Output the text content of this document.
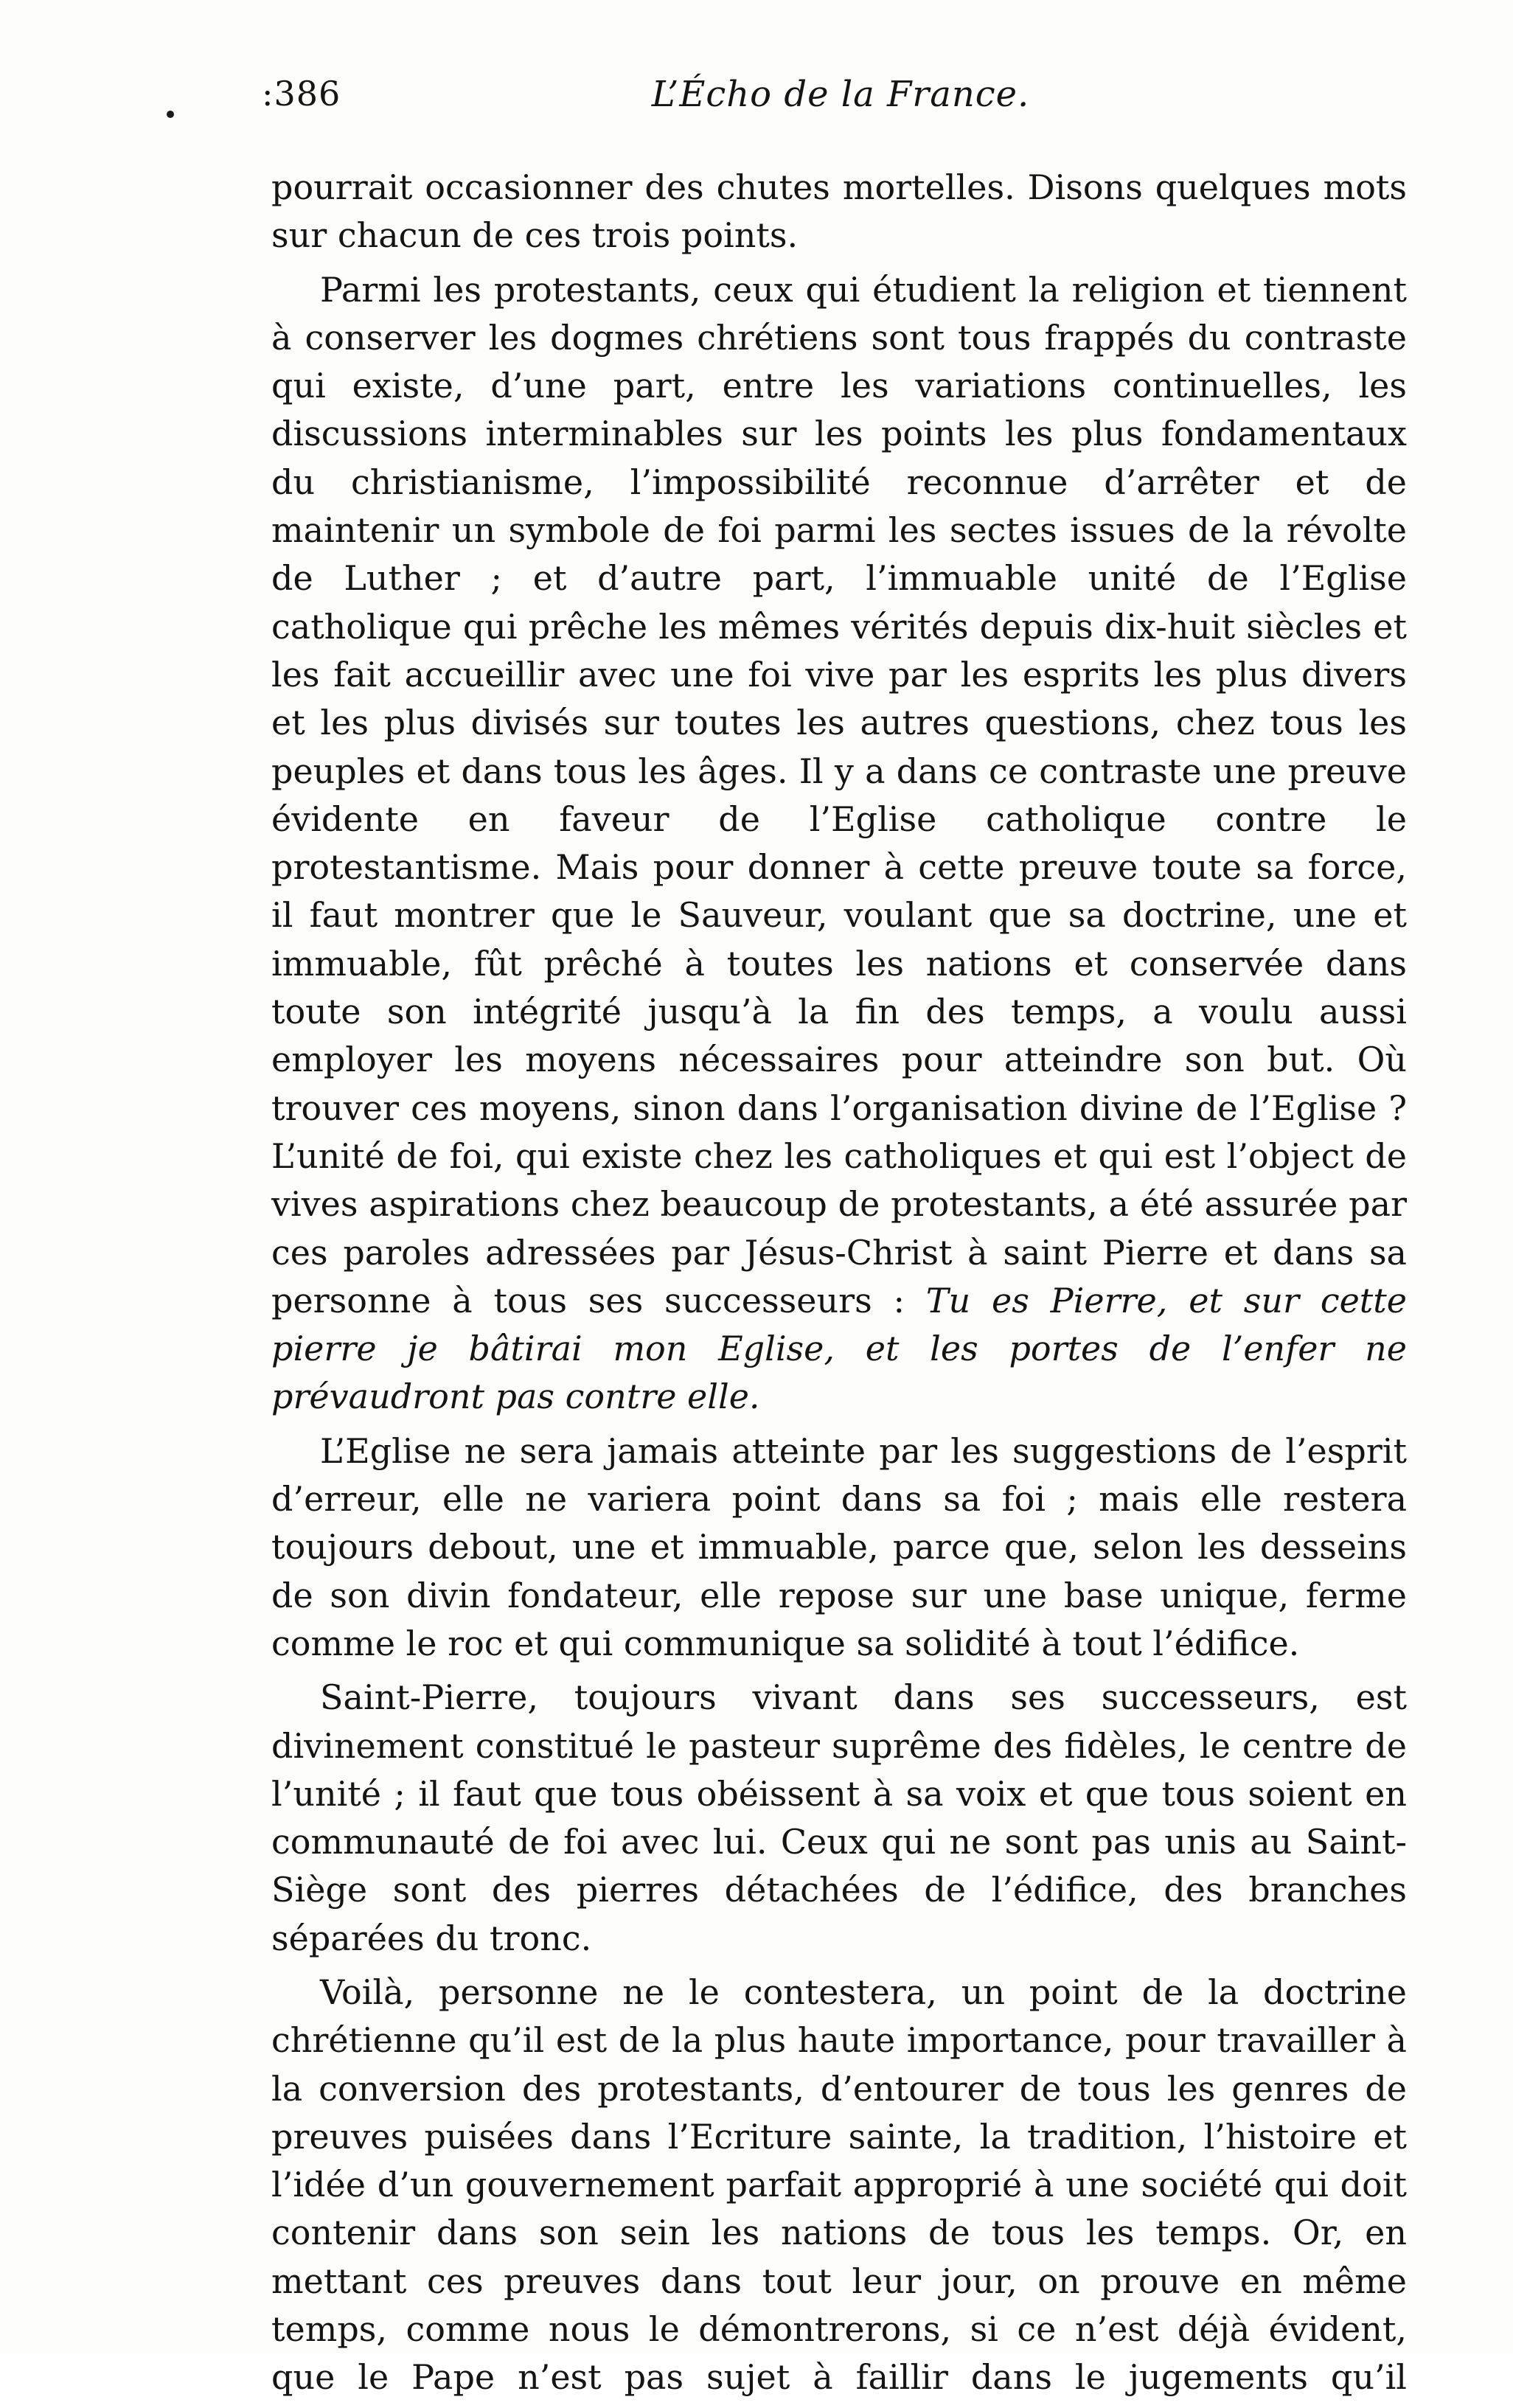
:386	L’Écho de la France.

pourrait occasionner des chutes mortelles. Disons quelques mots sur chacun de ces trois points.

Parmi les protestants, ceux qui étudient la religion et tiennent à conserver les dogmes chrétiens sont tous frappés du contraste qui existe, d’une part, entre les variations continuelles, les discussions interminables sur les points les plus fondamentaux du christianisme, l’impossibilité reconnue d’arrêter et de maintenir un symbole de foi parmi les sectes issues de la révolte de Luther ; et d’autre part, l’immuable unité de l’Eglise catholique qui prêche les mêmes vérités depuis dix-huit siècles et les fait accueillir avec une foi vive par les esprits les plus divers et les plus divisés sur toutes les autres questions, chez tous les peuples et dans tous les âges. Il y a dans ce contraste une preuve évidente en faveur de l’Eglise catholique contre le protestantisme. Mais pour donner à cette preuve toute sa force, il faut montrer que le Sauveur, voulant que sa doctrine, une et immuable, fût prêché à toutes les nations et conservée dans toute son intégrité jusqu’à la fin des temps, a voulu aussi employer les moyens nécessaires pour atteindre son but. Où trouver ces moyens, sinon dans l’organisation divine de l’Eglise ? L’unité de foi, qui existe chez les catholiques et qui est l’object de vives aspirations chez beaucoup de protestants, a été assurée par ces paroles adressées par Jésus-Christ à saint Pierre et dans sa personne à tous ses successeurs : Tu es Pierre, et sur cette pierre je bâtirai mon Eglise, et les portes de l’enfer ne prévaudront pas contre elle.

L’Eglise ne sera jamais atteinte par les suggestions de l’esprit d’erreur, elle ne variera point dans sa foi ; mais elle restera toujours debout, une et immuable, parce que, selon les desseins de son divin fondateur, elle repose sur une base unique, ferme comme le roc et qui communique sa solidité à tout l’édifice.

Saint-Pierre, toujours vivant dans ses successeurs, est divinement constitué le pasteur suprême des fidèles, le centre de l’unité ; il faut que tous obéissent à sa voix et que tous soient en communauté de foi avec lui. Ceux qui ne sont pas unis au Saint-Siège sont des pierres détachées de l’édifice, des branches séparées du tronc.

Voilà, personne ne le contestera, un point de la doctrine chrétienne qu’il est de la plus haute importance, pour travailler à la conversion des protestants, d’entourer de tous les genres de preuves puisées dans l’Ecriture sainte, la tradition, l’histoire et l’idée d’un gouvernement parfait approprié à une société qui doit contenir dans son sein les nations de tous les temps. Or, en mettant ces preuves dans tout leur jour, on prouve en même temps, comme nous le démontrerons, si ce n’est déjà évident, que le Pape n’est pas sujet à faillir dans le jugements qu’il
